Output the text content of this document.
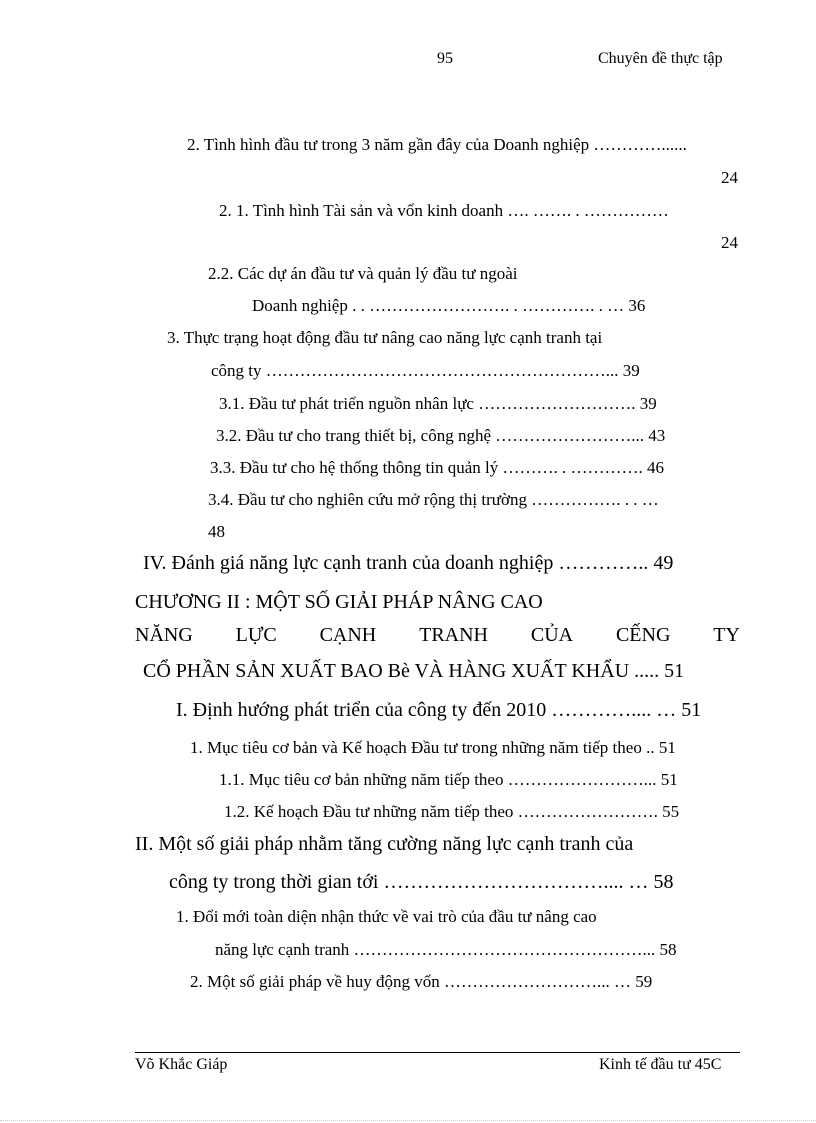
95	Chuyên đề thực tập
2. Tình hình đầu tư trong 3 năm gần đây của Doanh nghiệp …………......
24
2. 1. Tình hình Tài sản và vốn kinh doanh …. ……. . ……………
24
2.2. Các dự án đầu tư và quản lý đầu tư ngoài
Doanh nghiệp . . ……………………. . …………. . … 36
3. Thực trạng hoạt động đầu tư nâng cao năng lực cạnh tranh tại
công ty ……………………………………………………... 39
3.1. Đầu tư phát triển nguồn nhân lực ………………………. 39
3.2. Đầu tư cho trang thiết bị, công nghệ ……………………... 43
3.3. Đầu tư cho hệ thống thông tin quản lý ………. . …………. 46
3.4. Đầu tư cho nghiên cứu mở rộng thị trường ……………. . . …
48
IV. Đánh giá năng lực cạnh tranh của doanh nghiệp ………….. 49
CHƯƠNG II : MỘT SỐ GIẢI PHÁP NÂNG CAO
NĂNG LỰC CẠNH TRANH CỦA CẾNG TY
CỔ PHẦN SẢN XUẤT BAO Bè VÀ HÀNG XUẤT KHẨU ..... 51
I. Định hướng phát triển của công ty đến 2010 ………….... … 51
1. Mục tiêu cơ bản và Kế hoạch Đầu tư trong những năm tiếp theo .. 51
1.1. Mục tiêu cơ bản những năm tiếp theo ……………………... 51
1.2. Kế hoạch Đầu tư những năm tiếp theo ……………………. 55
II. Một số giải pháp nhằm tăng cường năng lực cạnh tranh của
công ty trong thời gian tới …………………………….... … 58
1. Đổi mới toàn diện nhận thức về vai trò của đầu tư nâng cao
năng lực cạnh tranh ……………………………………………... 58
2. Một số giải pháp về huy động vốn ………………………... … 59
Võ Khắc Giáp	Kinh tế đầu tư 45C
